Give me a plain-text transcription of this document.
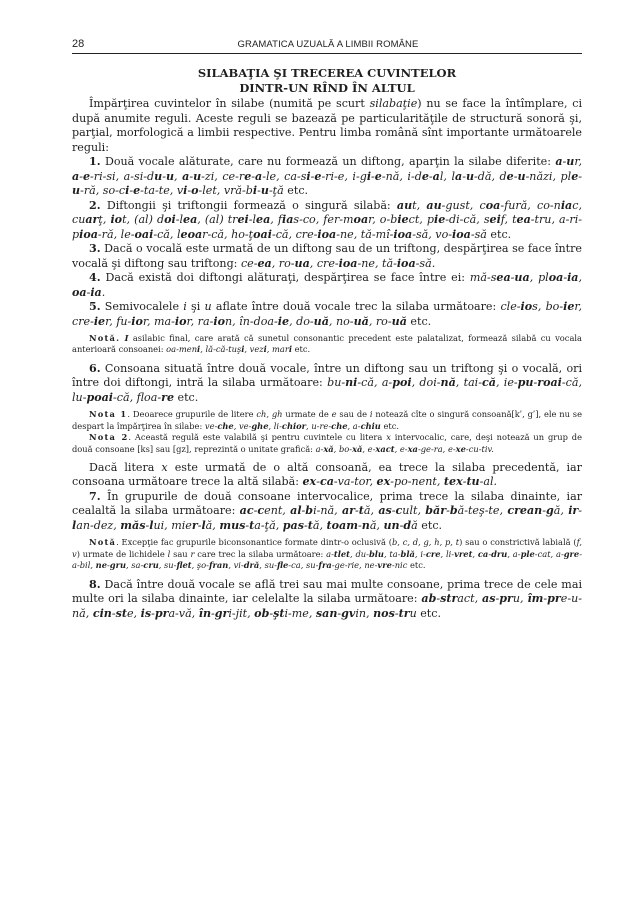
28	GRAMATICA UZUALĂ A LIMBII ROMÂNE
SILABAŢIA ŞI TRECEREA CUVINTELOR
DINTR-UN RÎND ÎN ALTUL

Împărţirea cuvintelor în silabe (numită pe scurt silabaţie) nu se face la întîmplare, ci după anumite reguli. Aceste reguli se bazează pe particularităţile de structură sonoră şi, parţial, morfologică a limbii respective. Pentru limba română sînt importante următoarele reguli:

1. Două vocale alăturate, care nu formează un diftong, aparţin la silabe diferite: a-ur, a-e-ri-si, a-si-du-u, a-u-zi, ce-re-a-le, ca-si-e-ri-e, i-gi-e-nă, i-de-al, la-u-dă, de-u-năzi, ple-u-ră, so-ci-e-ta-te, vi-o-let, vră-bi-u-ţă etc.

2. Diftongii şi triftongii formează o singură silabă: aut, au-gust, coa-fură, co-niac, cuarţ, iot, (al) doi-lea, (al) trei-lea, fias-co, fer-moar, o-biect, pie-di-că, seif, tea-tru, a-ri-pioa-ră, le-oai-că, leoar-că, ho-ţoai-că, cre-ioa-ne, tă-mî-ioa-să, vo-ioa-să etc.

3. Dacă o vocală este urmată de un diftong sau de un triftong, despărţirea se face între vocală şi diftong sau triftong: ce-ea, ro-ua, cre-ioa-ne, tă-ioa-să.

4. Dacă există doi diftongi alăturaţi, despărţirea se face între ei: mă-sea-ua, ploa-ia, oa-ia.

5. Semivocalele i şi u aflate între două vocale trec la silaba următoare: cle-ios, bo-ier, cre-ier, fu-ior, ma-ior, ra-ion, în-doa-ie, do-uă, no-uă, ro-uă etc.

Notă. I asilabic final, care arată că sunetul consonantic precedent este palatalizat, formează silabă cu vocala anterioară consoanei: oa-meni, lă-că-tuşi, vezi, mari etc.

6. Consoana situată între două vocale, între un diftong sau un triftong şi o vocală, ori între doi diftongi, intră la silaba următoare: bu-ni-că, a-poi, doi-nă, tai-că, ie-pu-roai-că, lu-poai-că, floa-re etc.

Nota 1. Deoarece grupurile de litere ch, gh urmate de e sau de i notează cîte o singură consoană[kʹ, gʹ], ele nu se despart la împărţirea în silabe: ve-che, ve-ghe, li-chior, u-re-che, a-chiu etc.

Nota 2. Această regulă este valabilă şi pentru cuvintele cu litera x intervocalic, care, deşi notează un grup de două consoane [ks] sau [gz], reprezintă o unitate grafică: a-xă, bo-xă, e-xact, e-xa-ge-ra, e-xe-cu-tiv.

Dacă litera x este urmată de o altă consoană, ea trece la silaba precedentă, iar consoana următoare trece la altă silabă: ex-ca-va-tor, ex-po-nent, tex-tu-al.

7. În grupurile de două consoane intervocalice, prima trece la silaba dinainte, iar cealaltă la silaba următoare: ac-cent, al-bi-nă, ar-tă, as-cult, băr-bă-teş-te, crean-gă, ir-lan-dez, măs-lui, mier-lă, mus-ta-ţă, pas-tă, toam-nă, un-dă etc.

Notă. Excepţie fac grupurile biconsonantice formate dintr-o oclusivă (b, c, d, g, h, p, t) sau o constrictivă labială (f, v) urmate de lichidele l sau r care trec la silaba următoare: a-tlet, du-blu, ta-blă, i-cre, li-vret, ca-dru, a-ple-cat, a-gre-a-bil, ne-gru, sa-cru, su-flet, şo-fran, vi-dră, su-fle-ca, su-fra-ge-rie, ne-vre-nic etc.

8. Dacă între două vocale se află trei sau mai multe consoane, prima trece de cele mai multe ori la silaba dinainte, iar celelalte la silaba următoare: ab-stract, as-pru, îm-pre-u-nă, cin-ste, is-pra-vă, în-gri-jit, ob-şti-me, san-gvin, nos-tru etc.
